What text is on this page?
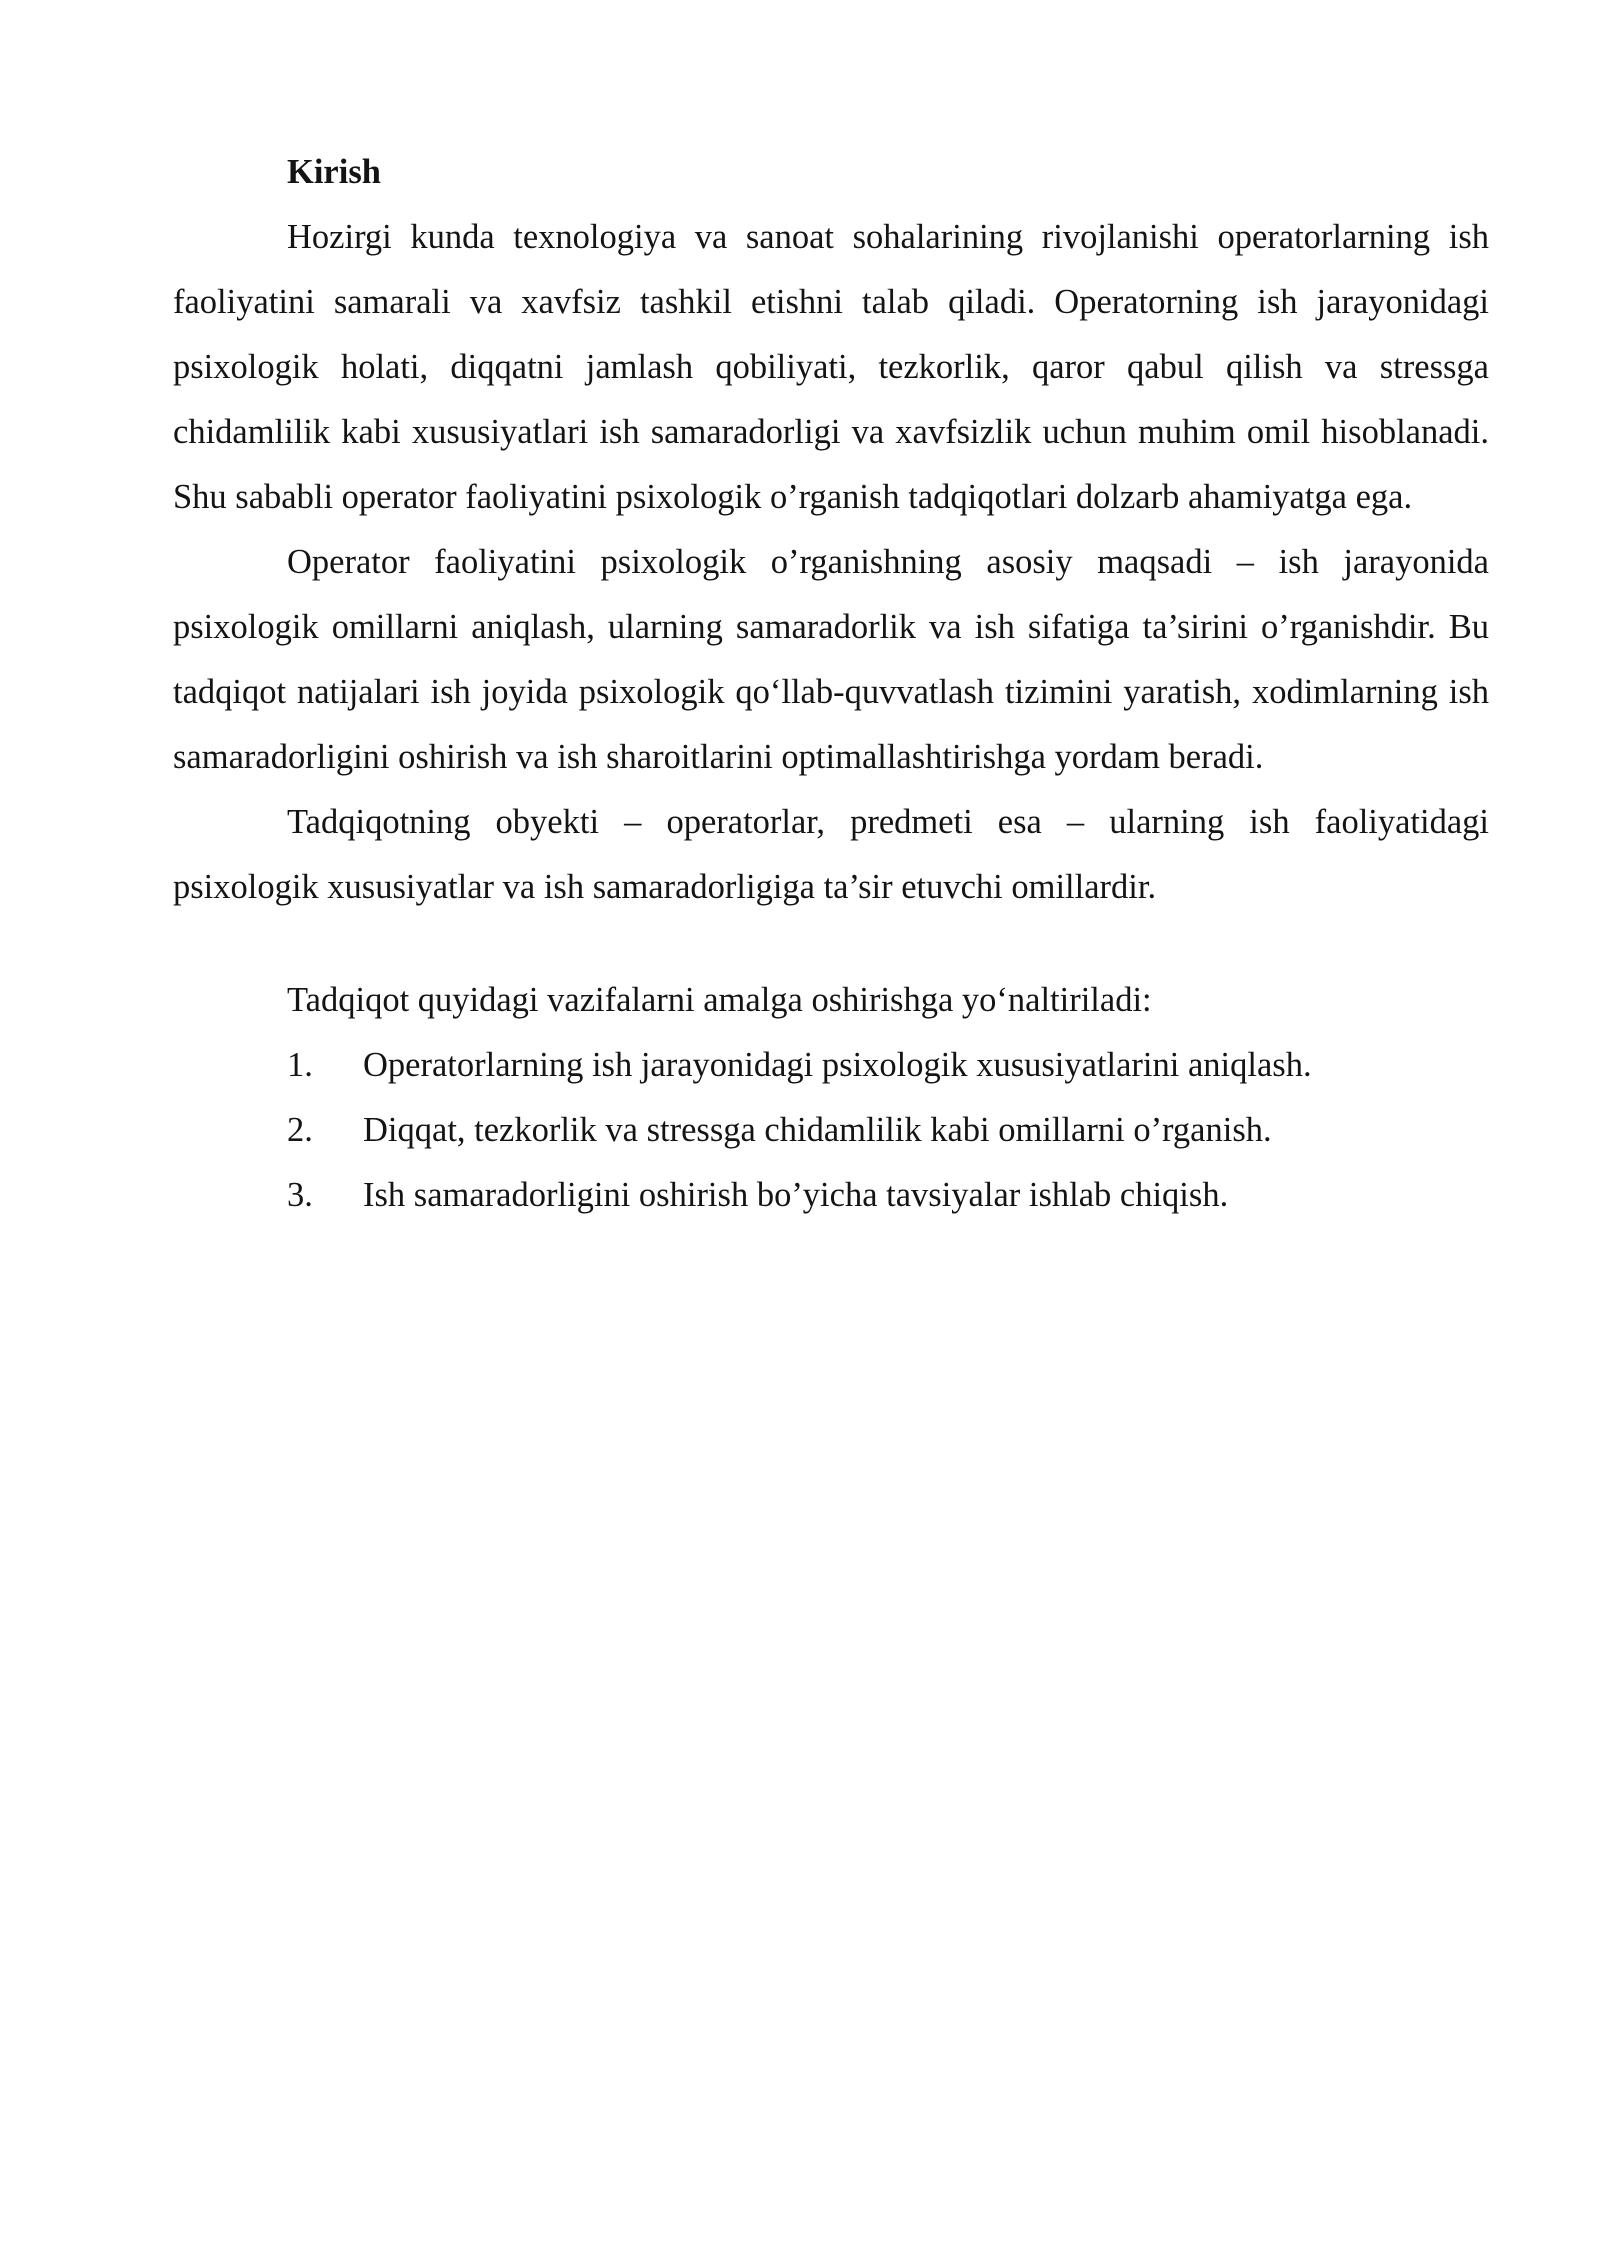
Kirish

Hozirgi kunda texnologiya va sanoat sohalarining rivojlanishi operatorlarning ish faoliyatini samarali va xavfsiz tashkil etishni talab qiladi. Operatorning ish jarayonidagi psixologik holati, diqqatni jamlash qobiliyati, tezkorlik, qaror qabul qilish va stressga chidamlilik kabi xususiyatlari ish samaradorligi va xavfsizlik uchun muhim omil hisoblanadi. Shu sababli operator faoliyatini psixologik o’rganish tadqiqotlari dolzarb ahamiyatga ega.

Operator faoliyatini psixologik o’rganishning asosiy maqsadi – ish jarayonida psixologik omillarni aniqlash, ularning samaradorlik va ish sifatiga ta’sirini o’rganishdir. Bu tadqiqot natijalari ish joyida psixologik qo‘llab-quvvatlash tizimini yaratish, xodimlarning ish samaradorligini oshirish va ish sharoitlarini optimallashtirishga yordam beradi.

Tadqiqotning obyekti – operatorlar, predmeti esa – ularning ish faoliyatidagi psixologik xususiyatlar va ish samaradorligiga ta’sir etuvchi omillardir.

Tadqiqot quyidagi vazifalarni amalga oshirishga yo‘naltiriladi:

1.	Operatorlarning ish jarayonidagi psixologik xususiyatlarini aniqlash.
2.	Diqqat, tezkorlik va stressga chidamlilik kabi omillarni o’rganish.
3.	Ish samaradorligini oshirish bo’yicha tavsiyalar ishlab chiqish.
